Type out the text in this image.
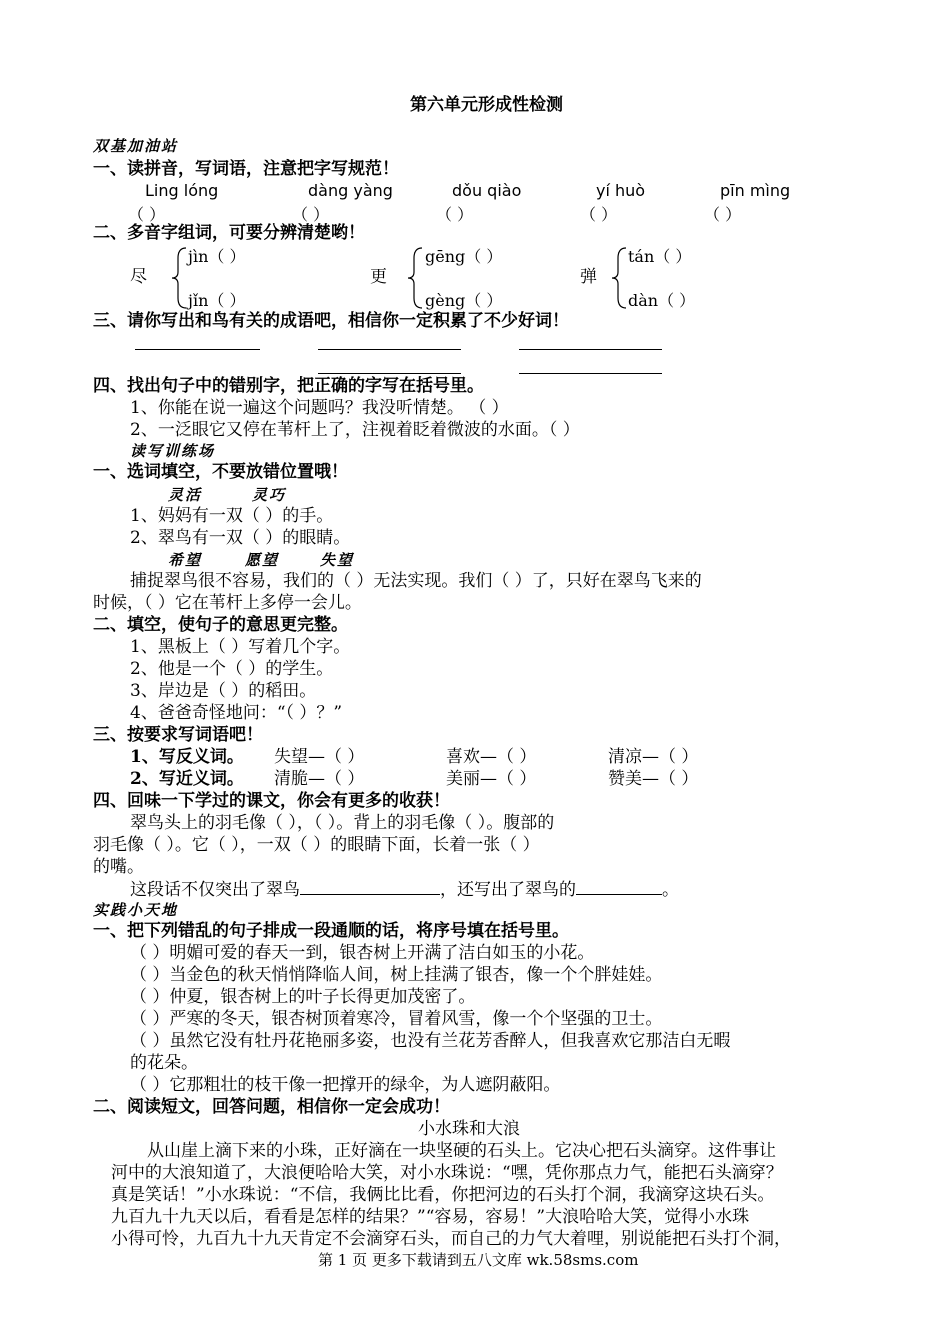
第六单元形成性检测
双基加油站
一、读拼音，写词语，注意把字写规范！
Ling lóng	dàng yàng	dǒu qiào	yí huò	pīn mìng
（ ）	（ ）	（ ）	（ ）	（ ）
二、多音字组词，可要分辨清楚哟！
尽
jìn（ ）
jǐn（ ）
更
gēng（ ）
gèng（ ）
弹
tán（ ）
dàn（ ）
三、请你写出和鸟有关的成语吧，相信你一定积累了不少好词！
四、找出句子中的错别字，把正确的字写在括号里。
1、你能在说一遍这个问题吗？我没听情楚。 （ ）
2、一泛眼它又停在苇杆上了，注视着眨着微波的水面。（ ）
读写训练场
一、选词填空，不要放错位置哦！
灵活	灵巧
1、妈妈有一双（ ）的手。
2、翠鸟有一双（ ）的眼睛。
希望	愿望	失望
捕捉翠鸟很不容易，我们的（ ）无法实现。我们（ ）了，只好在翠鸟飞来的
时候，（ ）它在苇杆上多停一会儿。
二、填空，使句子的意思更完整。
1、黑板上（ ）写着几个字。
2、他是一个（ ）的学生。
3、岸边是（ ）的稻田。
4、爸爸奇怪地问：“（ ）？”
三、按要求写词语吧！
1、写反义词。 失望—（ ）	喜欢—（ ）	清凉—（ ）
2、写近义词。 清脆—（ ）	美丽—（ ）	赞美—（ ）
四、回味一下学过的课文，你会有更多的收获！
翠鸟头上的羽毛像（ ），（ ）。背上的羽毛像（ ）。腹部的
羽毛像（ ）。它（ ），一双（ ）的眼睛下面，长着一张（ ）
的嘴。
这段话不仅突出了翠鸟	，还写出了翠鸟的	。
实践小天地
一、把下列错乱的句子排成一段通顺的话，将序号填在括号里。
（ ）明媚可爱的春天一到，银杏树上开满了洁白如玉的小花。
（ ）当金色的秋天悄悄降临人间，树上挂满了银杏，像一个个胖娃娃。
（ ）仲夏，银杏树上的叶子长得更加茂密了。
（ ）严寒的冬天，银杏树顶着寒冷，冒着风雪，像一个个坚强的卫士。
（ ）虽然它没有牡丹花艳丽多姿，也没有兰花芳香醉人，但我喜欢它那洁白无暇
的花朵。
（ ）它那粗壮的枝干像一把撑开的绿伞，为人遮阴蔽阳。
二、阅读短文，回答问题，相信你一定会成功！
小水珠和大浪
从山崖上滴下来的小珠，正好滴在一块坚硬的石头上。它决心把石头滴穿。这件事让
河中的大浪知道了，大浪便哈哈大笑，对小水珠说：“嘿，凭你那点力气，能把石头滴穿？
真是笑话！”小水珠说：“不信，我俩比比看，你把河边的石头打个洞，我滴穿这块石头。
九百九十九天以后，看看是怎样的结果？”“容易，容易！”大浪哈哈大笑，觉得小水珠
小得可怜，九百九十九天肯定不会滴穿石头，而自己的力气大着哩，别说能把石头打个洞，
第 1 页 更多下载请到五八文库 wk.58sms.com
